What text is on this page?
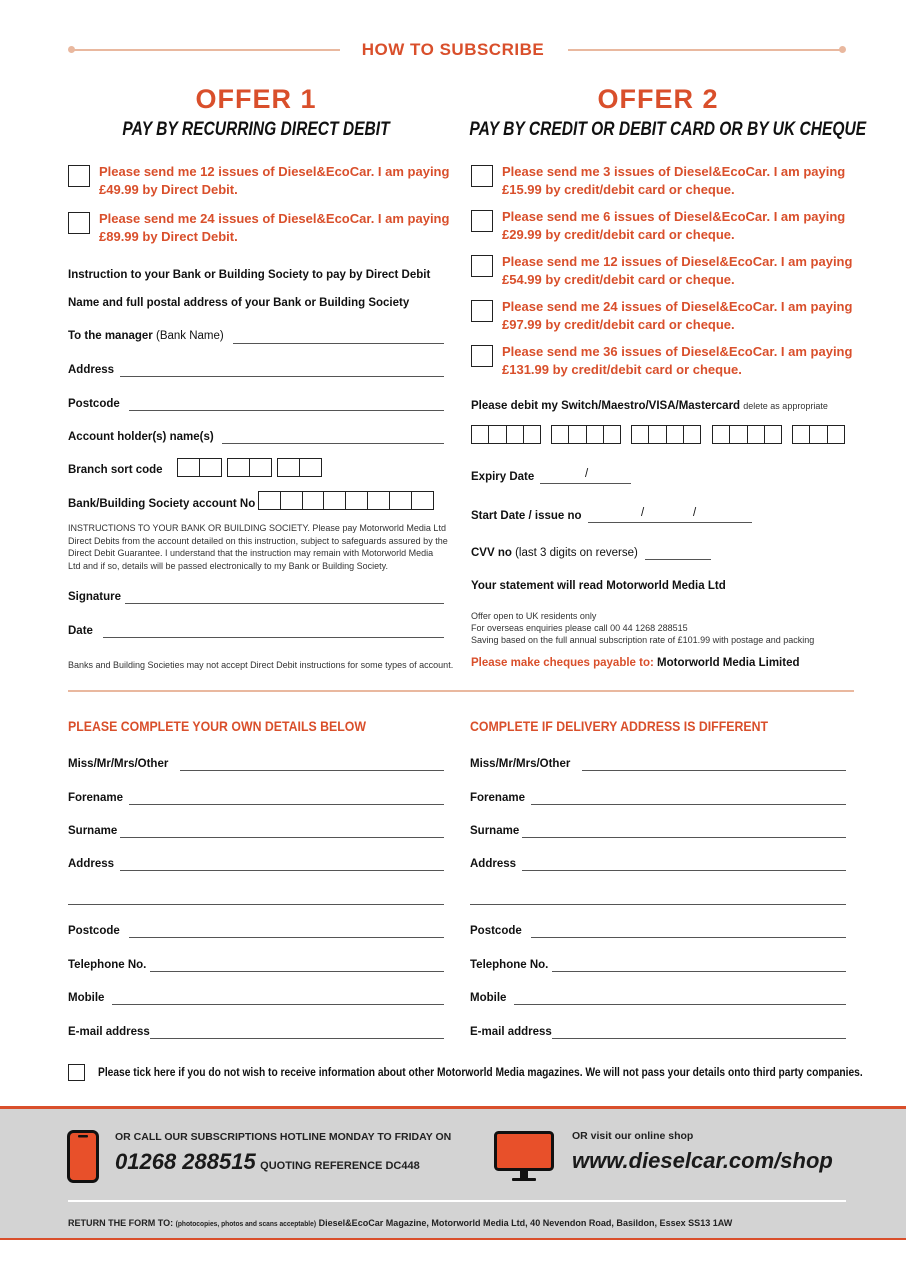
HOW TO SUBSCRIBE
OFFER 1
PAY BY RECURRING DIRECT DEBIT
Please send me 12 issues of Diesel&EcoCar. I am paying
£49.99 by Direct Debit.
Please send me 24 issues of Diesel&EcoCar. I am paying
£89.99 by Direct Debit.
Instruction to your Bank or Building Society to pay by Direct Debit
Name and full postal address of your Bank or Building Society
To the manager (Bank Name)
Address
Postcode
Account holder(s) name(s)
Branch sort code
Bank/Building Society account No
INSTRUCTIONS TO YOUR BANK OR BUILDING SOCIETY. Please pay Motorworld Media Ltd Direct Debits from the account detailed on this instruction, subject to safeguards assured by the Direct Debit Guarantee. I understand that the instruction may remain with Motorworld Media Ltd and if so, details will be passed electronically to my Bank or Building Society.
Signature
Date
Banks and Building Societies may not accept Direct Debit instructions for some types of account.
OFFER 2
PAY BY CREDIT OR DEBIT CARD OR BY UK CHEQUE
Please send me 3 issues of Diesel&EcoCar. I am paying
£15.99 by credit/debit card or cheque.
Please send me 6 issues of Diesel&EcoCar. I am paying
£29.99 by credit/debit card or cheque.
Please send me 12 issues of Diesel&EcoCar. I am paying
£54.99 by credit/debit card or cheque.
Please send me 24 issues of Diesel&EcoCar. I am paying
£97.99 by credit/debit card or cheque.
Please send me 36 issues of Diesel&EcoCar. I am paying
£131.99 by credit/debit card or cheque.
Please debit my Switch/Maestro/VISA/Mastercard delete as appropriate
Expiry Date	/
Start Date / issue no	/	/
CVV no (last 3 digits on reverse)
Your statement will read Motorworld Media Ltd
Offer open to UK residents only
For overseas enquiries please call 00 44 1268 288515
Saving based on the full annual subscription rate of £101.99 with postage and packing
Please make cheques payable to: Motorworld Media Limited
PLEASE COMPLETE YOUR OWN DETAILS BELOW	COMPLETE IF DELIVERY ADDRESS IS DIFFERENT
Miss/Mr/Mrs/Other
Forename
Surname
Address
Postcode
Telephone No.
Mobile
E-mail address
Miss/Mr/Mrs/Other
Forename
Surname
Address
Postcode
Telephone No.
Mobile
E-mail address
Please tick here if you do not wish to receive information about other Motorworld Media magazines. We will not pass your details onto third party companies.
OR CALL OUR SUBSCRIPTIONS HOTLINE MONDAY TO FRIDAY ON
01268 288515 QUOTING REFERENCE DC448
OR visit our online shop
www.dieselcar.com/shop
RETURN THE FORM TO: (photocopies, photos and scans acceptable) Diesel&EcoCar Magazine, Motorworld Media Ltd, 40 Nevendon Road, Basildon, Essex SS13 1AW
